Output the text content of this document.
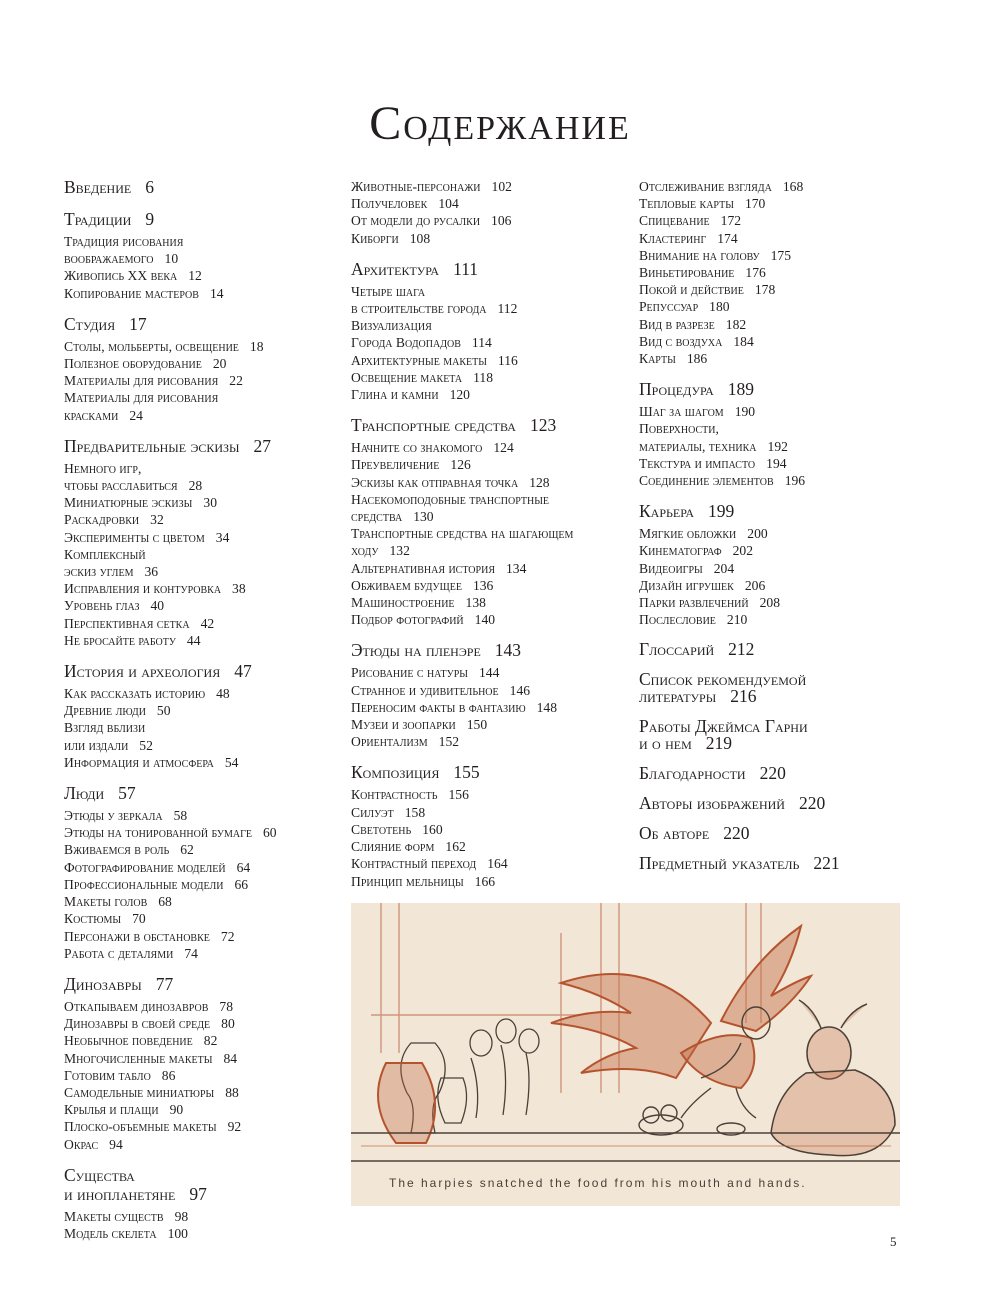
Содержание
Введение 6
Традиции 9
Традиция рисования
воображаемого 10
Живопись XX века 12
Копирование мастеров 14
Студия 17
Столы, мольберты, освещение 18
Полезное оборудование 20
Материалы для рисования 22
Материалы для рисования
красками 24
Предварительные эскизы 27
Немного игр,
чтобы расслабиться 28
Миниатюрные эскизы 30
Раскадровки 32
Эксперименты с цветом 34
Комплексный
эскиз углем 36
Исправления и контуровка 38
Уровень глаз 40
Перспективная сетка 42
Не бросайте работу 44
История и археология 47
Как рассказать историю 48
Древние люди 50
Взгляд вблизи
или издали 52
Информация и атмосфера 54
Люди 57
Этюды у зеркала 58
Этюды на тонированной бумаге 60
Вживаемся в роль 62
Фотографирование моделей 64
Профессиональные модели 66
Макеты голов 68
Костюмы 70
Персонажи в обстановке 72
Работа с деталями 74
Динозавры 77
Откапываем динозавров 78
Динозавры в своей среде 80
Необычное поведение 82
Многочисленные макеты 84
Готовим табло 86
Самодельные миниатюры 88
Крылья и плащи 90
Плоско-объемные макеты 92
Окрас 94
Существа
и инопланетяне 97
Макеты существ 98
Модель скелета 100
Животные-персонажи 102
Получеловек 104
От модели до русалки 106
Киборги 108
Архитектура 111
Четыре шага
в строительстве города 112
Визуализация
Города Водопадов 114
Архитектурные макеты 116
Освещение макета 118
Глина и камни 120
Транспортные средства 123
Начните со знакомого 124
Преувеличение 126
Эскизы как отправная точка 128
Насекомоподобные транспортные
средства 130
Транспортные средства на шагающем
ходу 132
Альтернативная история 134
Обживаем будущее 136
Машиностроение 138
Подбор фотографий 140
Этюды на пленэре 143
Рисование с натуры 144
Странное и удивительное 146
Переносим факты в фантазию 148
Музеи и зоопарки 150
Ориентализм 152
Композиция 155
Контрастность 156
Силуэт 158
Светотень 160
Слияние форм 162
Контрастный переход 164
Принцип мельницы 166
Отслеживание взгляда 168
Тепловые карты 170
Спицевание 172
Кластеринг 174
Внимание на голову 175
Виньетирование 176
Покой и действие 178
Репуссуар 180
Вид в разрезе 182
Вид с воздуха 184
Карты 186
Процедура 189
Шаг за шагом 190
Поверхности,
материалы, техника 192
Текстура и импасто 194
Соединение элементов 196
Карьера 199
Мягкие обложки 200
Кинематограф 202
Видеоигры 204
Дизайн игрушек 206
Парки развлечений 208
Послесловие 210
Глоссарий 212
Список рекомендуемой
литературы 216
Работы Джеймса Гарни
и о нем 219
Благодарности 220
Авторы изображений 220
Об авторе 220
Предметный указатель 221
The harpies snatched the food from his mouth and hands.
5
